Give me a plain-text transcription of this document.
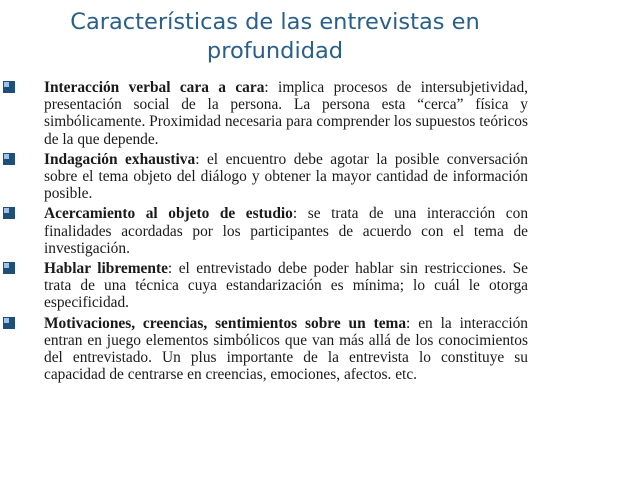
Características de las entrevistas en
profundidad
Interacción verbal cara a cara: implica procesos de intersubjetividad, presentación social de la persona. La persona esta “cerca” física y simbólicamente. Proximidad necesaria para comprender los supuestos teóricos de la que depende.
Indagación exhaustiva: el encuentro debe agotar la posible conversación sobre el tema objeto del diálogo y obtener la mayor cantidad de información posible.
Acercamiento al objeto de estudio: se trata de una interacción con finalidades acordadas por los participantes de acuerdo con el tema de investigación.
Hablar libremente: el entrevistado debe poder hablar sin restricciones. Se trata de una técnica cuya estandarización es mínima; lo cuál le otorga especificidad.
Motivaciones, creencias, sentimientos sobre un tema: en la interacción entran en juego elementos simbólicos que van más allá de los conocimientos del entrevistado. Un plus importante de la entrevista lo constituye su capacidad de centrarse en creencias, emociones, afectos. etc.
